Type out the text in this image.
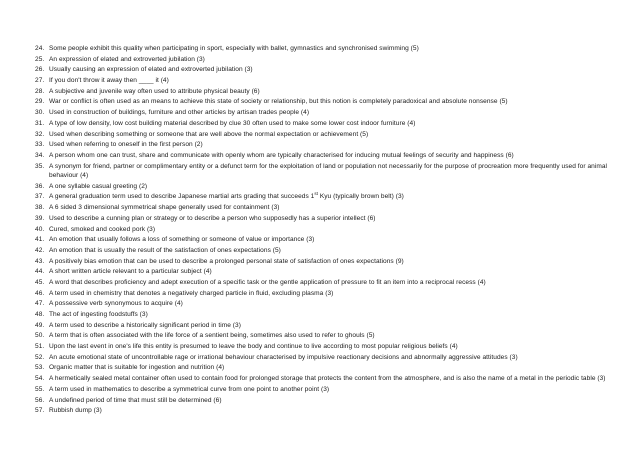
24. Some people exhibit this quality when participating in sport, especially with ballet, gymnastics and synchronised swimming (5)
25. An expression of elated and extroverted jubilation (3)
26. Usually causing an expression of elated and extroverted jubilation (3)
27. If you don't throw it away then ____ it (4)
28. A subjective and juvenile way often used to attribute physical beauty (6)
29. War or conflict is often used as an means to achieve this state of society or relationship, but this notion is completely paradoxical and absolute nonsense (5)
30. Used in construction of buildings, furniture and other articles by artisan trades people (4)
31. A type of low density, low cost building material described by clue 30 often used to make some lower cost indoor furniture (4)
32. Used when describing something or someone that are well above the normal expectation or achievement (5)
33. Used when referring to oneself in the first person (2)
34. A person whom one can trust, share and communicate with openly whom are typically characterised for inducing mutual feelings of security and happiness (6)
35. A synonym for friend, partner or complimentary entity or a defunct term for the exploitation of land or population not necessarily for the purpose of procreation more frequently used for animal behaviour (4)
36. A one syllable casual greeting (2)
37. A general graduation term used to describe Japanese martial arts grading that succeeds 1st Kyu (typically brown belt) (3)
38. A 6 sided 3 dimensional symmetrical shape generally used for containment (3)
39. Used to describe a cunning plan or strategy or to describe a person who supposedly has a superior intellect (6)
40. Cured, smoked and cooked pork (3)
41. An emotion that usually follows a loss of something or someone of value or importance (3)
42. An emotion that is usually the result of the satisfaction of ones expectations (5)
43. A positively bias emotion that can be used to describe a prolonged personal state of satisfaction of ones expectations (9)
44. A short written article relevant to a particular subject (4)
45. A word that describes proficiency and adept execution of a specific task or the gentle application of pressure to fit an item into a reciprocal recess (4)
46. A term used in chemistry that denotes a negatively charged particle in fluid, excluding plasma (3)
47. A possessive verb synonymous to acquire (4)
48. The act of ingesting foodstuffs (3)
49. A term used to describe a historically significant period in time (3)
50. A term that is often associated with the life force of a sentient being, sometimes also used to refer to ghouls (5)
51. Upon the last event in one's life this entity is presumed to leave the body and continue to live according to most popular religious beliefs (4)
52. An acute emotional state of uncontrollable rage or irrational behaviour characterised by impulsive reactionary decisions and abnormally aggressive attitudes (3)
53. Organic matter that is suitable for ingestion and nutrition (4)
54. A hermetically sealed metal container often used to contain food for prolonged storage that protects the content from the atmosphere, and is also the name of a metal in the periodic table (3)
55. A term used in mathematics to describe a symmetrical curve from one point to another point (3)
56. A undefined period of time that must still be determined (6)
57. Rubbish dump (3)
